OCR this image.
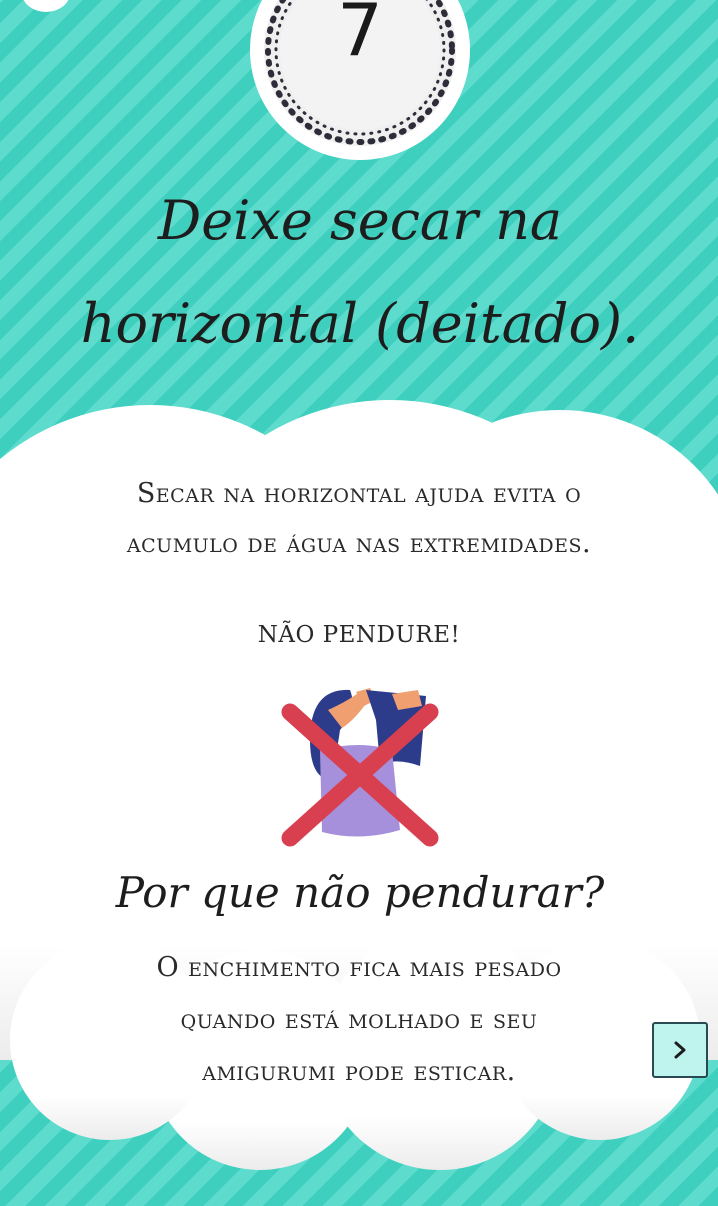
7
Deixe secar na
horizontal (deitado).
Secar na horizontal ajuda evita o
acumulo de água nas extremidades.
NÃO PENDURE!
Por que não pendurar?
O enchimento fica mais pesado
quando está molhado e seu
amigurumi pode esticar.
